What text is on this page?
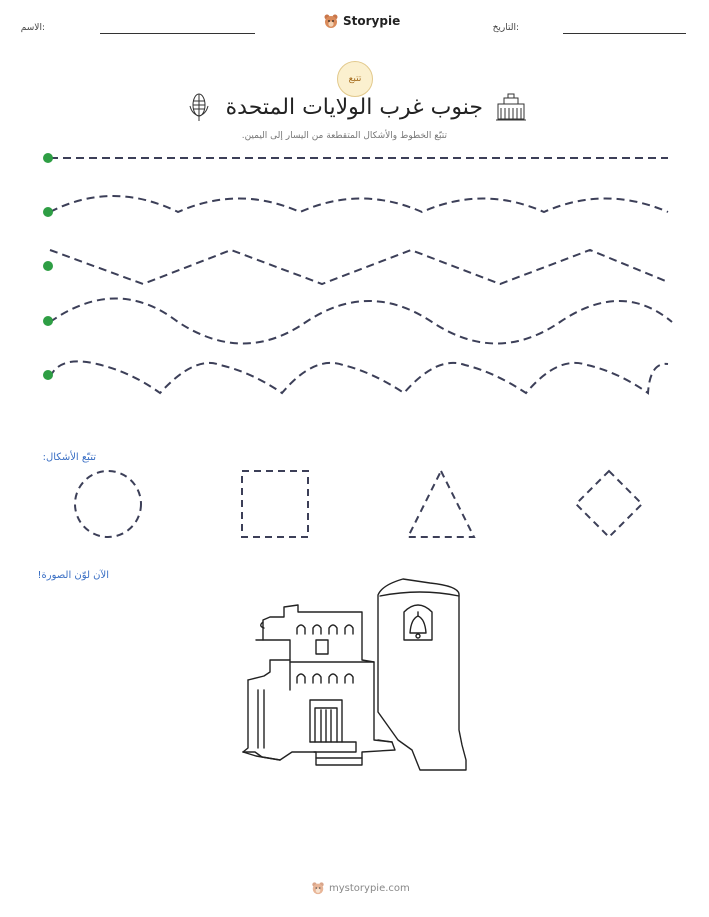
الاسم:	Storypie	التاريخ:
تتبع
جنوب غرب الولايات المتحدة
تتبّع الخطوط والأشكال المتقطعة من اليسار إلى اليمين.
تتبّع الأشكال:
الآن لوّن الصورة!
mystorypie.com
